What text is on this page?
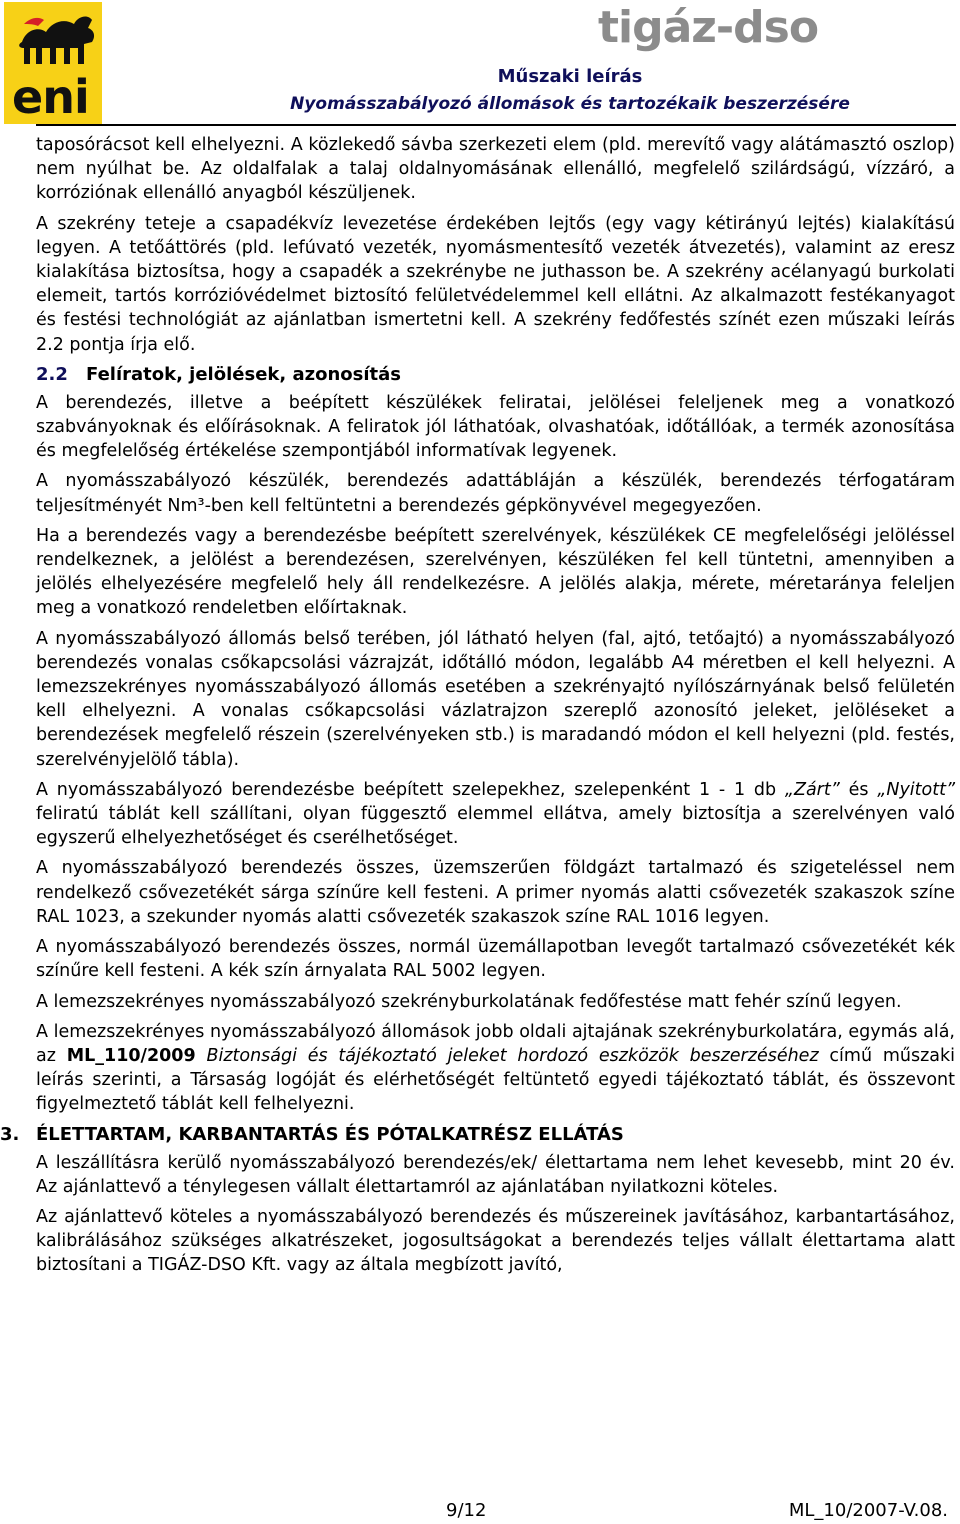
eni
tigáz-dso
Műszaki leírás
Nyomásszabályozó állomások és tartozékaik beszerzésére

taposórácsot kell elhelyezni. A közlekedő sávba szerkezeti elem (pld. merevítő vagy alátámasztó oszlop) nem nyúlhat be. Az oldalfalak a talaj oldalnyomásának ellenálló, megfelelő szilárdságú, vízzáró, a korróziónak ellenálló anyagból készüljenek.

A szekrény teteje a csapadékvíz levezetése érdekében lejtős (egy vagy kétirányú lejtés) kialakítású legyen. A tetőáttörés (pld. lefúvató vezeték, nyomásmentesítő vezeték átvezetés), valamint az eresz kialakítása biztosítsa, hogy a csapadék a szekrénybe ne juthasson be. A szekrény acélanyagú burkolati elemeit, tartós korrózióvédelmet biztosító felületvédelemmel kell ellátni. Az alkalmazott festékanyagot és festési technológiát az ajánlatban ismertetni kell. A szekrény fedőfestés színét ezen műszaki leírás 2.2 pontja írja elő.

2.2 Felíratok, jelölések, azonosítás

A berendezés, illetve a beépített készülékek feliratai, jelölései feleljenek meg a vonatkozó szabványoknak és előírásoknak. A feliratok jól láthatóak, olvashatóak, időtállóak, a termék azonosítása és megfelelőség értékelése szempontjából informatívak legyenek.

A nyomásszabályozó készülék, berendezés adattábláján a készülék, berendezés térfogatáram teljesítményét Nm³-ben kell feltüntetni a berendezés gépkönyvével megegyezően.

Ha a berendezés vagy a berendezésbe beépített szerelvények, készülékek CE megfelelőségi jelöléssel rendelkeznek, a jelölést a berendezésen, szerelvényen, készüléken fel kell tüntetni, amennyiben a jelölés elhelyezésére megfelelő hely áll rendelkezésre. A jelölés alakja, mérete, méretaránya feleljen meg a vonatkozó rendeletben előírtaknak.

A nyomásszabályozó állomás belső terében, jól látható helyen (fal, ajtó, tetőajtó) a nyomásszabályozó berendezés vonalas csőkapcsolási vázrajzát, időtálló módon, legalább A4 méretben el kell helyezni. A lemezszekrényes nyomásszabályozó állomás esetében a szekrényajtó nyílószárnyának belső felületén kell elhelyezni. A vonalas csőkapcsolási vázlatrajzon szereplő azonosító jeleket, jelöléseket a berendezések megfelelő részein (szerelvényeken stb.) is maradandó módon el kell helyezni (pld. festés, szerelvényjelölő tábla).

A nyomásszabályozó berendezésbe beépített szelepekhez, szelepenként 1 - 1 db „Zárt” és „Nyitott” feliratú táblát kell szállítani, olyan függesztő elemmel ellátva, amely biztosítja a szerelvényen való egyszerű elhelyezhetőséget és cserélhetőséget.

A nyomásszabályozó berendezés összes, üzemszerűen földgázt tartalmazó és szigeteléssel nem rendelkező csővezetékét sárga színűre kell festeni. A primer nyomás alatti csővezeték szakaszok színe RAL 1023, a szekunder nyomás alatti csővezeték szakaszok színe RAL 1016 legyen.

A nyomásszabályozó berendezés összes, normál üzemállapotban levegőt tartalmazó csővezetékét kék színűre kell festeni. A kék szín árnyalata RAL 5002 legyen.

A lemezszekrényes nyomásszabályozó szekrényburkolatának fedőfestése matt fehér színű legyen.

A lemezszekrényes nyomásszabályozó állomások jobb oldali ajtajának szekrényburkolatára, egymás alá, az ML_110/2009 Biztonsági és tájékoztató jeleket hordozó eszközök beszerzéséhez című műszaki leírás szerinti, a Társaság logóját és elérhetőségét feltüntető egyedi tájékoztató táblát, és összevont figyelmeztető táblát kell felhelyezni.

3. ÉLETTARTAM, KARBANTARTÁS ÉS PÓTALKATRÉSZ ELLÁTÁS

A leszállításra kerülő nyomásszabályozó berendezés/ek/ élettartama nem lehet kevesebb, mint 20 év. Az ajánlattevő a ténylegesen vállalt élettartamról az ajánlatában nyilatkozni köteles.

Az ajánlattevő köteles a nyomásszabályozó berendezés és műszereinek javításához, karbantartásához, kalibrálásához szükséges alkatrészeket, jogosultságokat a berendezés teljes vállalt élettartama alatt biztosítani a TIGÁZ-DSO Kft. vagy az általa megbízott javító,

9/12	ML_10/2007-V.08.
